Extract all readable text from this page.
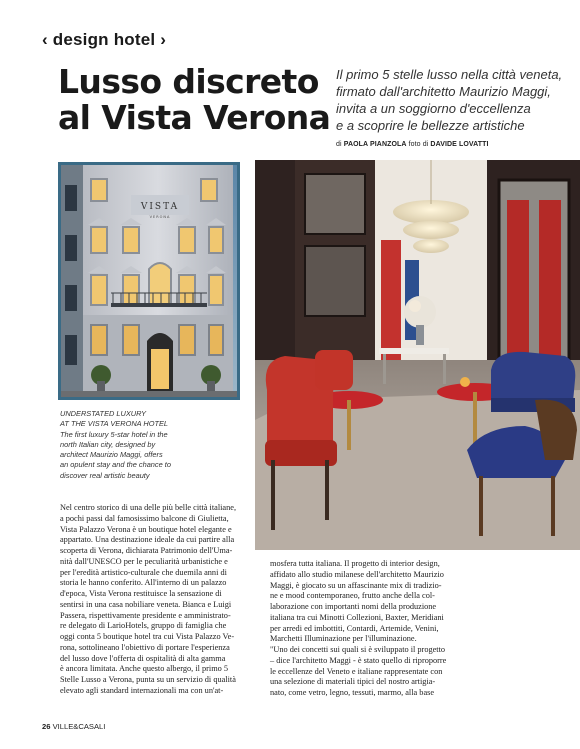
‹ design hotel ›
Lusso discreto
al Vista Verona
Il primo 5 stelle lusso nella città veneta,
firmato dall'architetto Maurizio Maggi,
invita a un soggiorno d'eccellenza
e a scoprire le bellezze artistiche
di PAOLA PIANZOLA foto di DAVIDE LOVATTI
VISTA
VERONA
UNDERSTATED LUXURY
AT THE VISTA VERONA HOTEL
The first luxury 5-star hotel in the
north Italian city, designed by
architect Maurizio Maggi, offers
an opulent stay and the chance to
discover real artistic beauty
Nel centro storico di una delle più belle città italiane,
a pochi passi dal famosissimo balcone di Giulietta,
Vista Palazzo Verona è un boutique hotel elegante e
appartato. Una destinazione ideale da cui partire alla
scoperta di Verona, dichiarata Patrimonio dell'Uma-
nità dall'UNESCO per le peculiarità urbanistiche e
per l'eredità artistico-culturale che duemila anni di
storia le hanno conferito. All'interno di un palazzo
d'epoca, Vista Verona restituisce la sensazione di
sentirsi in una casa nobiliare veneta. Bianca e Luigi
Passera, rispettivamente presidente e amministrato-
re delegato di LarioHotels, gruppo di famiglia che
oggi conta 5 boutique hotel tra cui Vista Palazzo Ve-
rona, sottolineano l'obiettivo di portare l'esperienza
del lusso dove l'offerta di ospitalità di alta gamma
è ancora limitata. Anche questo albergo, il primo 5
Stelle Lusso a Verona, punta su un servizio di qualità
elevato agli standard internazionali ma con un'at-
mosfera tutta italiana. Il progetto di interior design,
affidato allo studio milanese dell'architetto Maurizio
Maggi, è giocato su un affascinante mix di tradizio-
ne e mood contemporaneo, frutto anche della col-
laborazione con importanti nomi della produzione
italiana tra cui Minotti Collezioni, Baxter, Meridiani
per arredi ed imbottiti, Contardi, Artemide, Venini,
Marchetti Illuminazione per l'illuminazione.
"Uno dei concetti sui quali si è sviluppato il progetto
– dice l'architetto Maggi - è stato quello di riproporre
le eccellenze del Veneto e italiane rappresentate con
una selezione di materiali tipici del nostro artigia-
nato, come vetro, legno, tessuti, marmo, alla base
26 VILLE&CASALI
